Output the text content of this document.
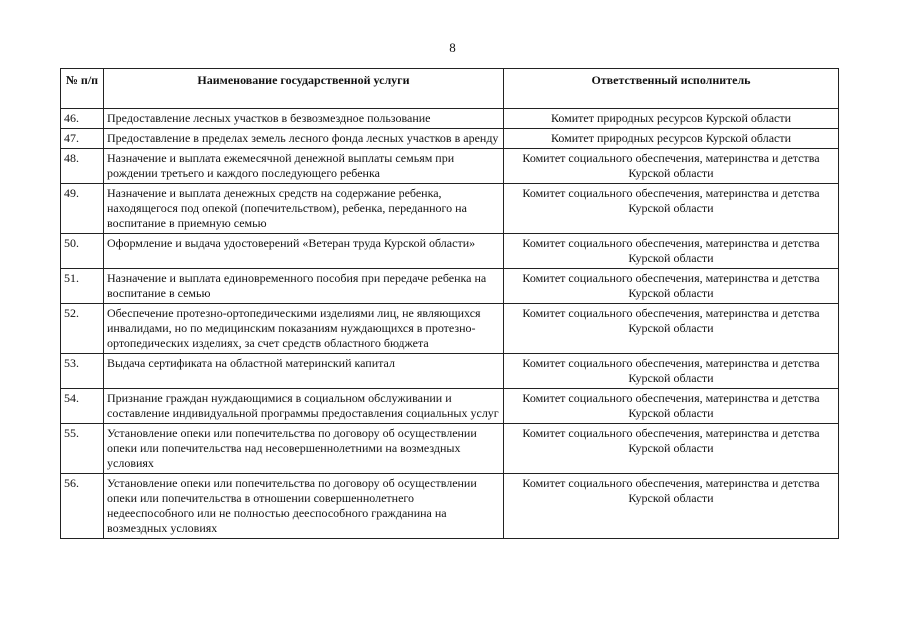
8
№ п/п	Наименование государственной услуги	Ответственный исполнитель
46.	Предоставление лесных участков в безвозмездное пользование	Комитет природных ресурсов Курской области
47.	Предоставление в пределах земель лесного фонда лесных участков в аренду	Комитет природных ресурсов Курской области
48.	Назначение и выплата ежемесячной денежной выплаты семьям при рождении третьего и каждого последующего ребенка	Комитет социального обеспечения, материнства и детства Курской области
49.	Назначение и выплата денежных средств на содержание ребенка, находящегося под опекой (попечительством), ребенка, переданного на воспитание в приемную семью	Комитет социального обеспечения, материнства и детства Курской области
50.	Оформление и выдача удостоверений «Ветеран труда Курской области»	Комитет социального обеспечения, материнства и детства Курской области
51.	Назначение и выплата единовременного пособия при передаче ребенка на воспитание в семью	Комитет социального обеспечения, материнства и детства Курской области
52.	Обеспечение протезно-ортопедическими изделиями лиц, не являющихся инвалидами, но по медицинским показаниям нуждающихся в протезно-ортопедических изделиях, за счет средств областного бюджета	Комитет социального обеспечения, материнства и детства Курской области
53.	Выдача сертификата на областной материнский капитал	Комитет социального обеспечения, материнства и детства Курской области
54.	Признание граждан нуждающимися в социальном обслуживании и составление индивидуальной программы предоставления социальных услуг	Комитет социального обеспечения, материнства и детства Курской области
55.	Установление опеки или попечительства по договору об осуществлении опеки или попечительства над несовершеннолетними на возмездных условиях	Комитет социального обеспечения, материнства и детства Курской области
56.	Установление опеки или попечительства по договору об осуществлении опеки или попечительства в отношении совершеннолетнего недееспособного или не полностью дееспособного гражданина на возмездных условиях	Комитет социального обеспечения, материнства и детства Курской области
